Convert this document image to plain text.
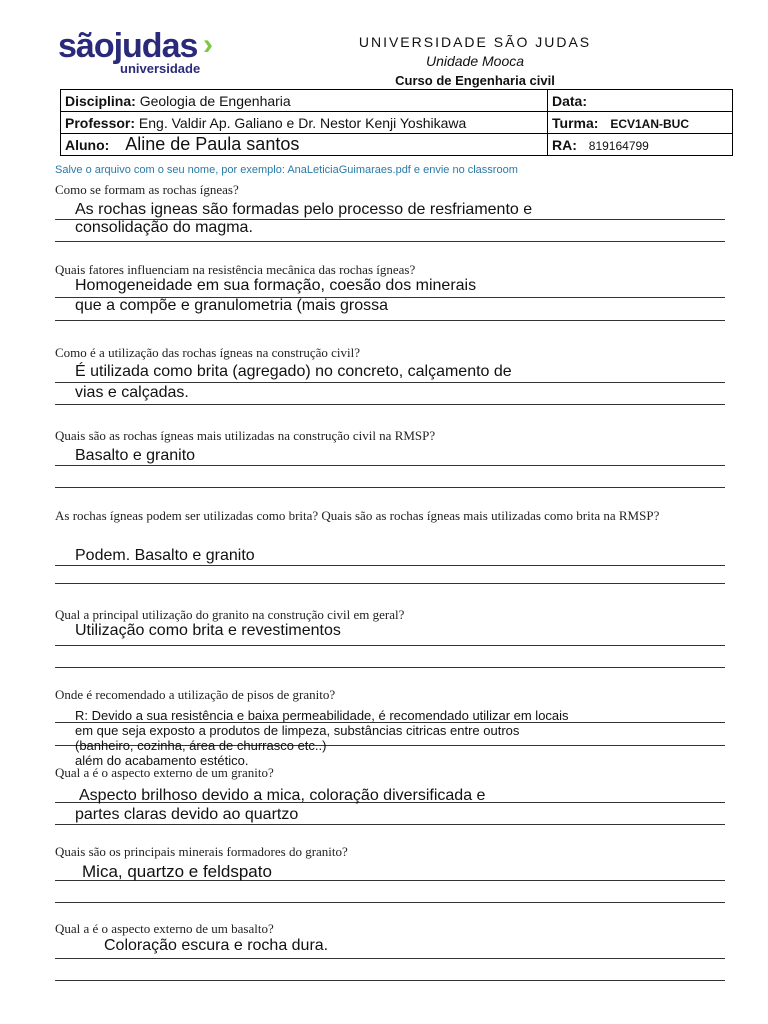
sãojudas ›
universidade
UNIVERSIDADE SÃO JUDAS
Unidade Mooca
Curso de Engenharia civil
Disciplina: Geologia de Engenharia	Data:
Professor: Eng. Valdir Ap. Galiano e Dr. Nestor Kenji Yoshikawa	Turma: ECV1AN-BUC
Aluno: Aline de Paula santos	RA: 819164799
Salve o arquivo com o seu nome, por exemplo: AnaLeticiaGuimaraes.pdf e envie no classroom
Como se formam as rochas ígneas?
As rochas igneas são formadas pelo processo de resfriamento e
consolidação do magma.
Quais fatores influenciam na resistência mecânica das rochas ígneas?
Homogeneidade em sua formação, coesão dos minerais
que a compõe e granulometria (mais grossa
Como é a utilização das rochas ígneas na construção civil?
É utilizada como brita (agregado) no concreto, calçamento de
vias e calçadas.
Quais são as rochas ígneas mais utilizadas na construção civil na RMSP?
Basalto e granito
As rochas ígneas podem ser utilizadas como brita? Quais são as rochas ígneas mais utilizadas como brita na RMSP?
Podem. Basalto e granito
Qual a principal utilização do granito na construção civil em geral?
Utilização como brita e revestimentos
Onde é recomendado a utilização de pisos de granito?
R: Devido a sua resistência e baixa permeabilidade, é recomendado utilizar em locais
em que seja exposto a produtos de limpeza, substâncias citricas entre outros
(banheiro, cozinha, área de churrasco etc..)
além do acabamento estético.
Qual a é o aspecto externo de um granito?
Aspecto brilhoso devido a mica, coloração diversificada e
partes claras devido ao quartzo
Quais são os principais minerais formadores do granito?
Mica, quartzo e feldspato
Qual a é o aspecto externo de um basalto?
Coloração escura e rocha dura.
